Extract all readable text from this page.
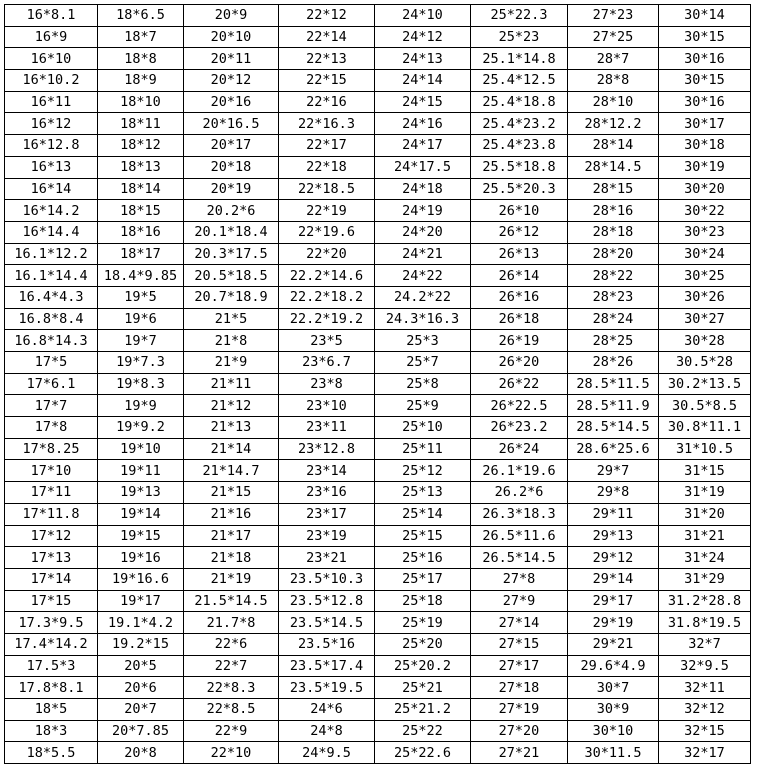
16*8.1	18*6.5	20*9	22*12	24*10	25*22.3	27*23	30*14
16*9	18*7	20*10	22*14	24*12	25*23	27*25	30*15
16*10	18*8	20*11	22*13	24*13	25.1*14.8	28*7	30*16
16*10.2	18*9	20*12	22*15	24*14	25.4*12.5	28*8	30*15
16*11	18*10	20*16	22*16	24*15	25.4*18.8	28*10	30*16
16*12	18*11	20*16.5	22*16.3	24*16	25.4*23.2	28*12.2	30*17
16*12.8	18*12	20*17	22*17	24*17	25.4*23.8	28*14	30*18
16*13	18*13	20*18	22*18	24*17.5	25.5*18.8	28*14.5	30*19
16*14	18*14	20*19	22*18.5	24*18	25.5*20.3	28*15	30*20
16*14.2	18*15	20.2*6	22*19	24*19	26*10	28*16	30*22
16*14.4	18*16	20.1*18.4	22*19.6	24*20	26*12	28*18	30*23
16.1*12.2	18*17	20.3*17.5	22*20	24*21	26*13	28*20	30*24
16.1*14.4	18.4*9.85	20.5*18.5	22.2*14.6	24*22	26*14	28*22	30*25
16.4*4.3	19*5	20.7*18.9	22.2*18.2	24.2*22	26*16	28*23	30*26
16.8*8.4	19*6	21*5	22.2*19.2	24.3*16.3	26*18	28*24	30*27
16.8*14.3	19*7	21*8	23*5	25*3	26*19	28*25	30*28
17*5	19*7.3	21*9	23*6.7	25*7	26*20	28*26	30.5*28
17*6.1	19*8.3	21*11	23*8	25*8	26*22	28.5*11.5	30.2*13.5
17*7	19*9	21*12	23*10	25*9	26*22.5	28.5*11.9	30.5*8.5
17*8	19*9.2	21*13	23*11	25*10	26*23.2	28.5*14.5	30.8*11.1
17*8.25	19*10	21*14	23*12.8	25*11	26*24	28.6*25.6	31*10.5
17*10	19*11	21*14.7	23*14	25*12	26.1*19.6	29*7	31*15
17*11	19*13	21*15	23*16	25*13	26.2*6	29*8	31*19
17*11.8	19*14	21*16	23*17	25*14	26.3*18.3	29*11	31*20
17*12	19*15	21*17	23*19	25*15	26.5*11.6	29*13	31*21
17*13	19*16	21*18	23*21	25*16	26.5*14.5	29*12	31*24
17*14	19*16.6	21*19	23.5*10.3	25*17	27*8	29*14	31*29
17*15	19*17	21.5*14.5	23.5*12.8	25*18	27*9	29*17	31.2*28.8
17.3*9.5	19.1*4.2	21.7*8	23.5*14.5	25*19	27*14	29*19	31.8*19.5
17.4*14.2	19.2*15	22*6	23.5*16	25*20	27*15	29*21	32*7
17.5*3	20*5	22*7	23.5*17.4	25*20.2	27*17	29.6*4.9	32*9.5
17.8*8.1	20*6	22*8.3	23.5*19.5	25*21	27*18	30*7	32*11
18*5	20*7	22*8.5	24*6	25*21.2	27*19	30*9	32*12
18*3	20*7.85	22*9	24*8	25*22	27*20	30*10	32*15
18*5.5	20*8	22*10	24*9.5	25*22.6	27*21	30*11.5	32*17
